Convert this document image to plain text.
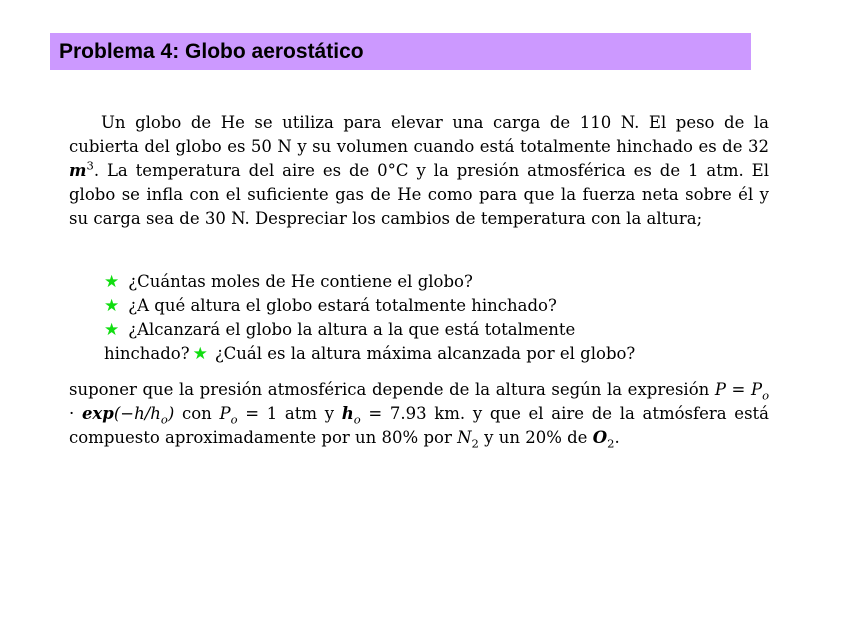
Problema 4: Globo aerostático
Un globo de He se utiliza para elevar una carga de 110 N. El peso de la cubierta del globo es 50 N y su volumen cuando está totalmente hinchado es de 32 $m^3$. La temperatura del aire es de 0°C y la presión atmosférica es de 1 atm. El globo se infla con el suficiente gas de He como para que la fuerza neta sobre él y su carga sea de 30 N. Despreciar los cambios de temperatura con la altura;
★ ¿Cuántas moles de He contiene el globo?
★ ¿A qué altura el globo estará totalmente hinchado?
★ ¿Alcanzará el globo la altura a la que está totalmente
hinchado? ★ ¿Cuál es la altura máxima alcanzada por el globo?
suponer que la presión atmosférica depende de la altura según la expresión $P = P_o \cdot \exp(-h/h_o)$ con $P_o = 1$ atm y $h_o = 7.93$ km. y que el aire de la atmósfera está compuesto aproximadamente por un 80% por $N_2$ y un 20% de $O_2$.
